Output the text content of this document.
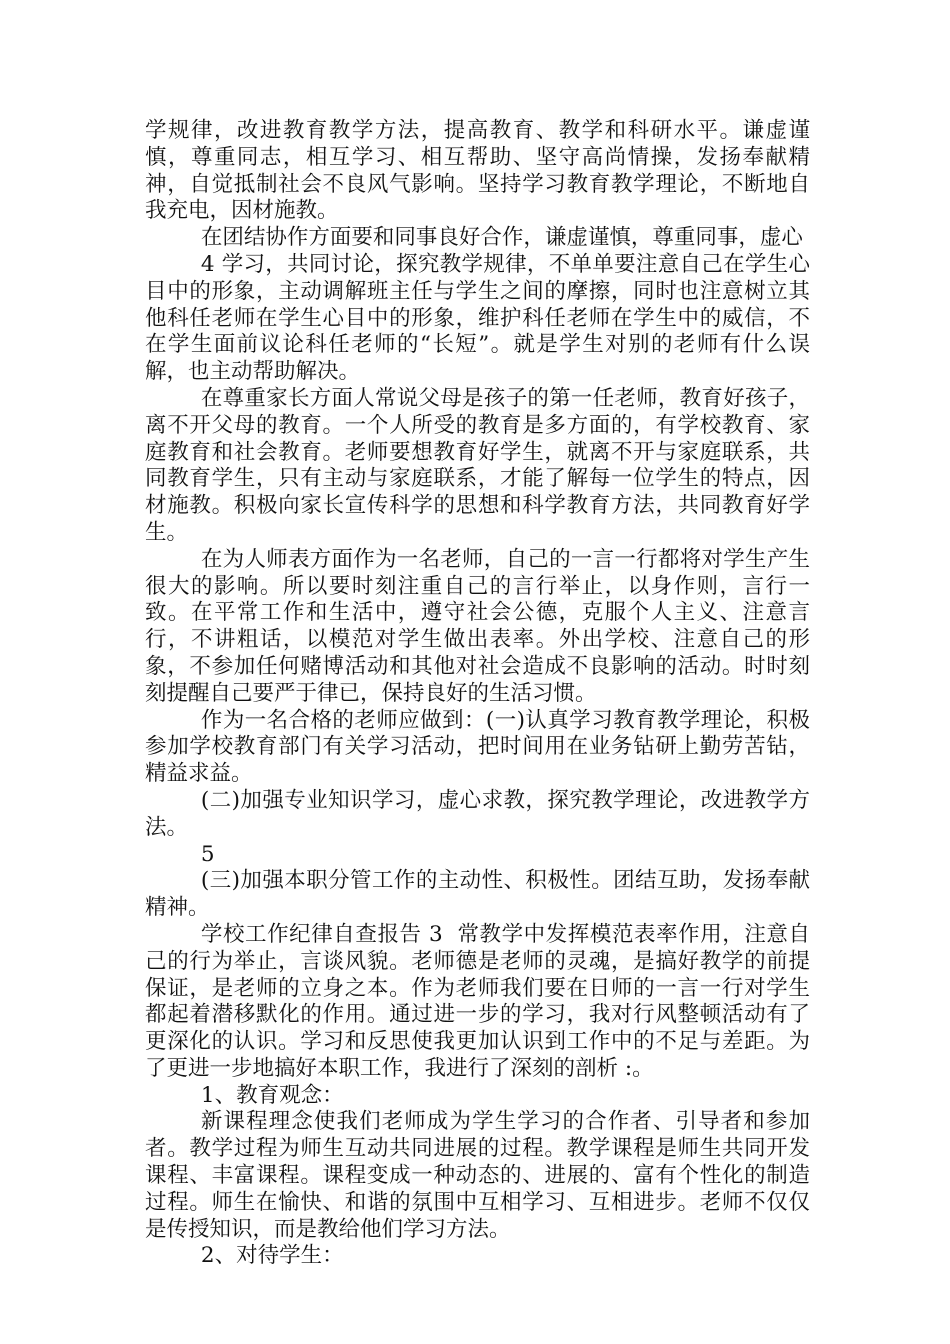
学规律，改进教育教学方法，提高教育、教学和科研水平。谦虚谨慎，尊重同志，相互学习、相互帮助、坚守高尚情操，发扬奉献精神，自觉抵制社会不良风气影响。坚持学习教育教学理论，不断地自我充电，因材施教。

在团结协作方面要和同事良好合作，谦虚谨慎，尊重同事，虚心

4 学习，共同讨论，探究教学规律，不单单要注意自己在学生心目中的形象，主动调解班主任与学生之间的摩擦，同时也注意树立其他科任老师在学生心目中的形象，维护科任老师在学生中的威信，不在学生面前议论科任老师的“长短”。就是学生对别的老师有什么误解，也主动帮助解决。

在尊重家长方面人常说父母是孩子的第一任老师，教育好孩子，离不开父母的教育。一个人所受的教育是多方面的，有学校教育、家庭教育和社会教育。老师要想教育好学生，就离不开与家庭联系，共同教育学生，只有主动与家庭联系，才能了解每一位学生的特点，因材施教。积极向家长宣传科学的思想和科学教育方法，共同教育好学生。

在为人师表方面作为一名老师，自己的一言一行都将对学生产生很大的影响。所以要时刻注重自己的言行举止，以身作则，言行一致。在平常工作和生活中，遵守社会公德，克服个人主义、注意言行，不讲粗话，以模范对学生做出表率。外出学校、注意自己的形象，不参加任何赌博活动和其他对社会造成不良影响的活动。时时刻刻提醒自己要严于律已，保持良好的生活习惯。

作为一名合格的老师应做到：(一)认真学习教育教学理论，积极参加学校教育部门有关学习活动，把时间用在业务钻研上勤劳苦钻，精益求益。

(二)加强专业知识学习，虚心求教，探究教学理论，改进教学方法。

5

(三)加强本职分管工作的主动性、积极性。团结互助，发扬奉献精神。

学校工作纪律自查报告 3  常教学中发挥模范表率作用，注意自己的行为举止，言谈风貌。老师德是老师的灵魂，是搞好教学的前提保证，是老师的立身之本。作为老师我们要在日师的一言一行对学生都起着潜移默化的作用。通过进一步的学习，我对行风整顿活动有了更深化的认识。学习和反思使我更加认识到工作中的不足与差距。为了更进一步地搞好本职工作，我进行了深刻的剖析 :。

1、教育观念：

新课程理念使我们老师成为学生学习的合作者、引导者和参加者。教学过程为师生互动共同进展的过程。教学课程是师生共同开发课程、丰富课程。课程变成一种动态的、进展的、富有个性化的制造过程。师生在愉快、和谐的氛围中互相学习、互相进步。老师不仅仅是传授知识，而是教给他们学习方法。

2、对待学生：
